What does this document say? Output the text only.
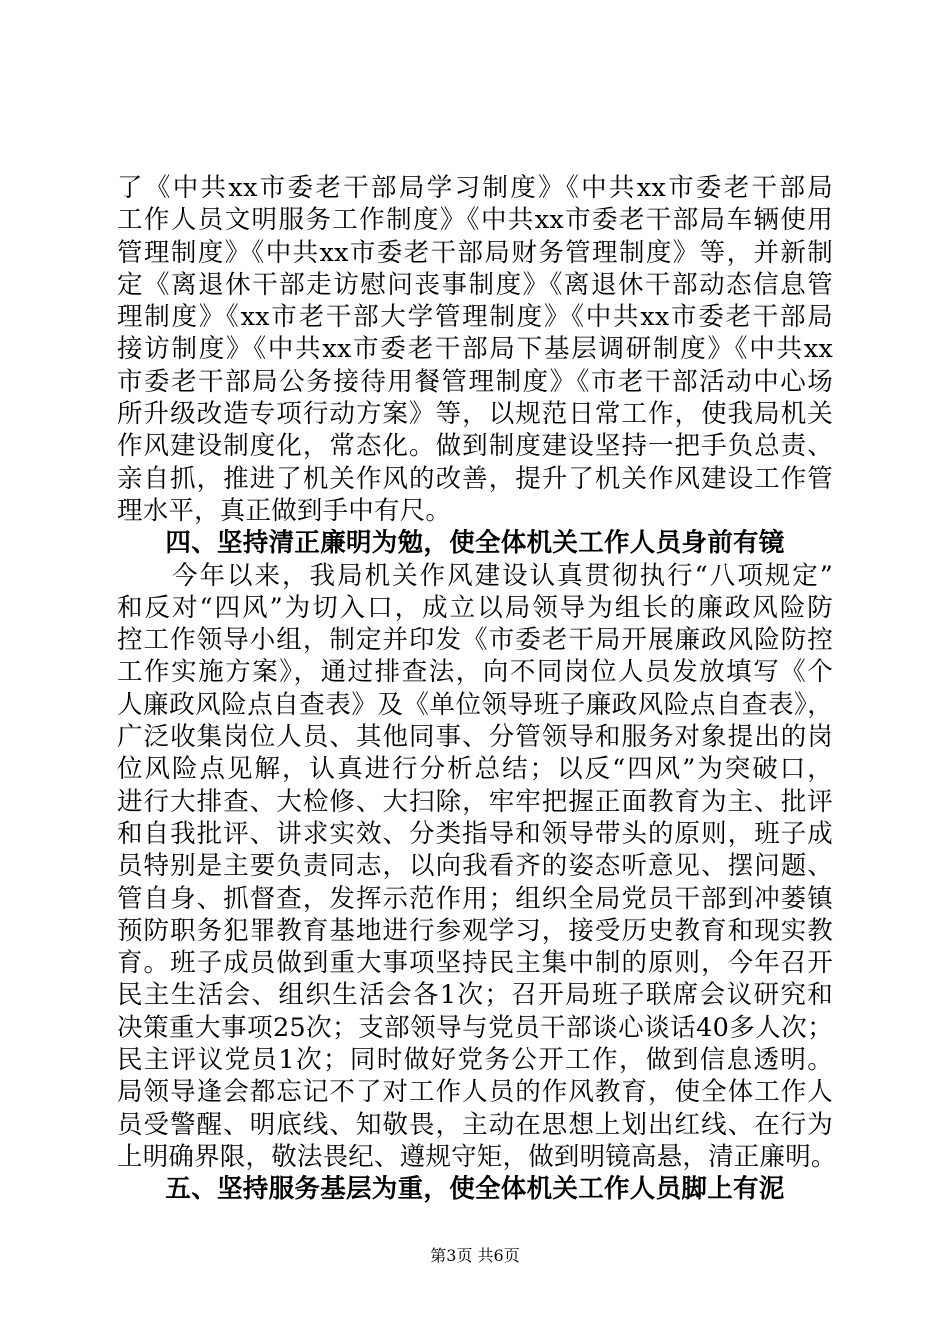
了《中共xx市委老干部局学习制度》《中共xx市委老干部局
工作人员文明服务工作制度》《中共xx市委老干部局车辆使用
管理制度》《中共xx市委老干部局财务管理制度》等，并新制
定《离退休干部走访慰问丧事制度》《离退休干部动态信息管
理制度》《xx市老干部大学管理制度》《中共xx市委老干部局
接访制度》《中共xx市委老干部局下基层调研制度》《中共xx
市委老干部局公务接待用餐管理制度》《市老干部活动中心场
所升级改造专项行动方案》等，以规范日常工作，使我局机关
作风建设制度化，常态化。做到制度建设坚持一把手负总责、
亲自抓，推进了机关作风的改善，提升了机关作风建设工作管
理水平，真正做到手中有尺。
四、坚持清正廉明为勉，使全体机关工作人员身前有镜
　　今年以来，我局机关作风建设认真贯彻执行“八项规定”
和反对“四风”为切入口，成立以局领导为组长的廉政风险防
控工作领导小组，制定并印发《市委老干局开展廉政风险防控
工作实施方案》，通过排查法，向不同岗位人员发放填写《个
人廉政风险点自查表》及《单位领导班子廉政风险点自查表》，
广泛收集岗位人员、其他同事、分管领导和服务对象提出的岗
位风险点见解，认真进行分析总结；以反“四风”为突破口，
进行大排查、大检修、大扫除，牢牢把握正面教育为主、批评
和自我批评、讲求实效、分类指导和领导带头的原则，班子成
员特别是主要负责同志，以向我看齐的姿态听意见、摆问题、
管自身、抓督查，发挥示范作用；组织全局党员干部到冲蒌镇
预防职务犯罪教育基地进行参观学习，接受历史教育和现实教
育。班子成员做到重大事项坚持民主集中制的原则，今年召开
民主生活会、组织生活会各1次；召开局班子联席会议研究和
决策重大事项25次；支部领导与党员干部谈心谈话40多人次；
民主评议党员1次；同时做好党务公开工作，做到信息透明。
局领导逢会都忘记不了对工作人员的作风教育，使全体工作人
员受警醒、明底线、知敬畏，主动在思想上划出红线、在行为
上明确界限，敬法畏纪、遵规守矩，做到明镜高悬，清正廉明。
五、坚持服务基层为重，使全体机关工作人员脚上有泥
第3页 共6页
